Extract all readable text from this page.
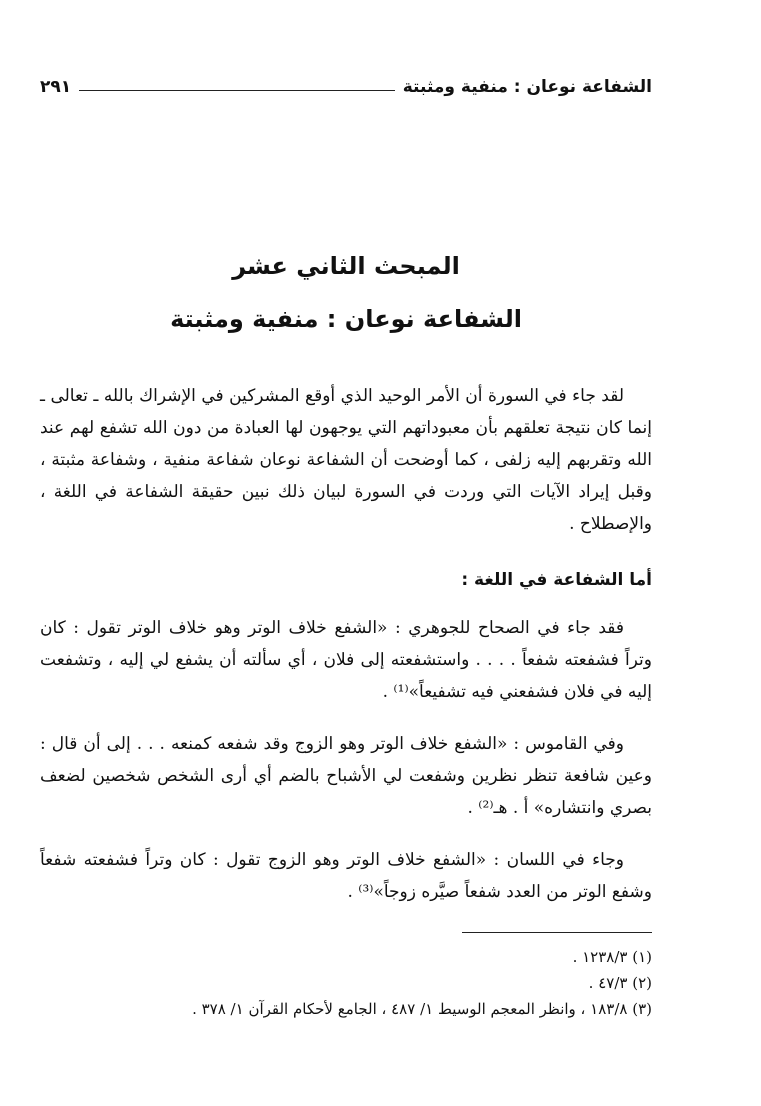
الشفاعة نوعان : منفية ومثبتة
٢٩١
المبحث الثاني عشر
الشفاعة نوعان : منفية ومثبتة

لقد جاء في السورة أن الأمر الوحيد الذي أوقع المشركين في الإشراك بالله ـ تعالى ـ إنما كان نتيجة تعلقهم بأن معبوداتهم التي يوجهون لها العبادة من دون الله تشفع لهم عند الله وتقربهم إليه زلفى ، كما أوضحت أن الشفاعة نوعان شفاعة منفية ، وشفاعة مثبتة ، وقبل إيراد الآيات التي وردت في السورة لبيان ذلك نبين حقيقة الشفاعة في اللغة ، والإصطلاح .

أما الشفاعة في اللغة :

فقد جاء في الصحاح للجوهري : «الشفع خلاف الوتر وهو خلاف الوتر تقول : كان وتراً فشفعته شفعاً . . . . واستشفعته إلى فلان ، أي سألته أن يشفع لي إليه ، وتشفعت إليه في فلان فشفعني فيه تشفيعاً»⁽¹⁾ .

وفي القاموس : «الشفع خلاف الوتر وهو الزوج وقد شفعه كمنعه . . . إلى أن قال : وعين شافعة تنظر نظرين وشفعت لي الأشباح بالضم أي أرى الشخص شخصين لضعف بصري وانتشاره» أ . هـ⁽²⁾ .

وجاء في اللسان : «الشفع خلاف الوتر وهو الزوج تقول : كان وتراً فشفعته شفعاً وشفع الوتر من العدد شفعاً صيَّره زوجاً»⁽³⁾ .

(١) ١٢٣٨/٣ .
(٢) ٤٧/٣ .
(٣) ١٨٣/٨ ، وانظر المعجم الوسيط ١/ ٤٨٧ ، الجامع لأحكام القرآن ١/ ٣٧٨ .
